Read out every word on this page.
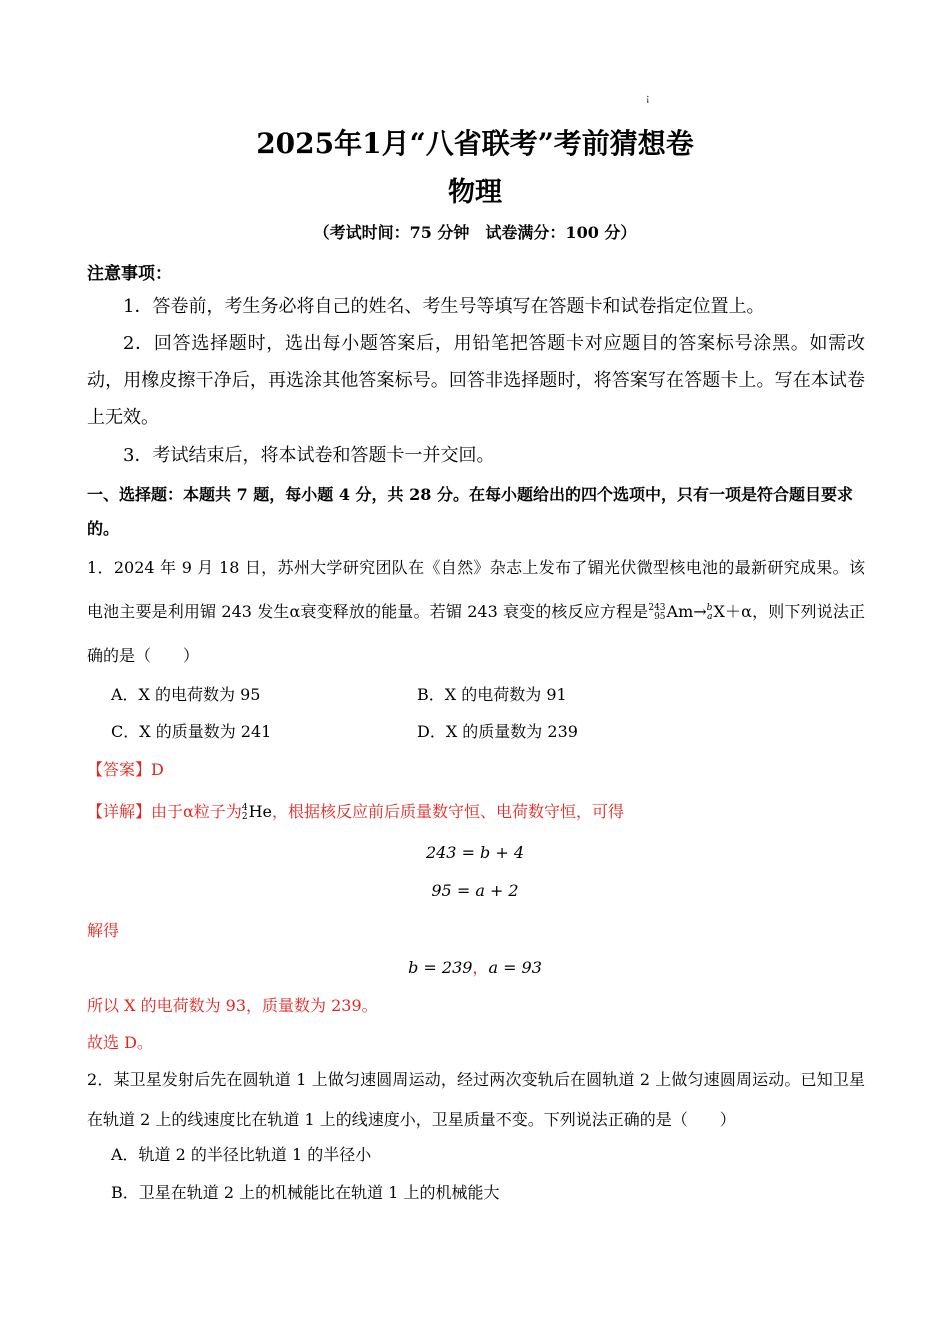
¡
2025年1月“八省联考”考前猜想卷
物理
（考试时间：75 分钟　试卷满分：100 分）
注意事项：
1．答卷前，考生务必将自己的姓名、考生号等填写在答题卡和试卷指定位置上。
2．回答选择题时，选出每小题答案后，用铅笔把答题卡对应题目的答案标号涂黑。如需改动，用橡皮擦干净后，再选涂其他答案标号。回答非选择题时，将答案写在答题卡上。写在本试卷上无效。
3．考试结束后，将本试卷和答题卡一并交回。
一、选择题：本题共 7 题，每小题 4 分，共 28 分。在每小题给出的四个选项中，只有一项是符合题目要求的。
1．2024 年 9 月 18 日，苏州大学研究团队在《自然》杂志上发布了镅光伏微型核电池的最新研究成果。该电池主要是利用镅 243 发生α衰变释放的能量。若镅 243 衰变的核反应方程是 243
95 Am→ b
a X＋α，则下列说法正确的是（　　）
A．X 的电荷数为 95	B．X 的电荷数为 91
C．X 的质量数为 241	D．X 的质量数为 239
【答案】D
【详解】由于α粒子为 4
2 He，根据核反应前后质量数守恒、电荷数守恒，可得
243 = b + 4
95 = a + 2
解得
b = 239，a = 93
所以 X 的电荷数为 93，质量数为 239。
故选 D。
2．某卫星发射后先在圆轨道 1 上做匀速圆周运动，经过两次变轨后在圆轨道 2 上做匀速圆周运动。已知卫星在轨道 2 上的线速度比在轨道 1 上的线速度小，卫星质量不变。下列说法正确的是（　　）
A．轨道 2 的半径比轨道 1 的半径小
B．卫星在轨道 2 上的机械能比在轨道 1 上的机械能大
